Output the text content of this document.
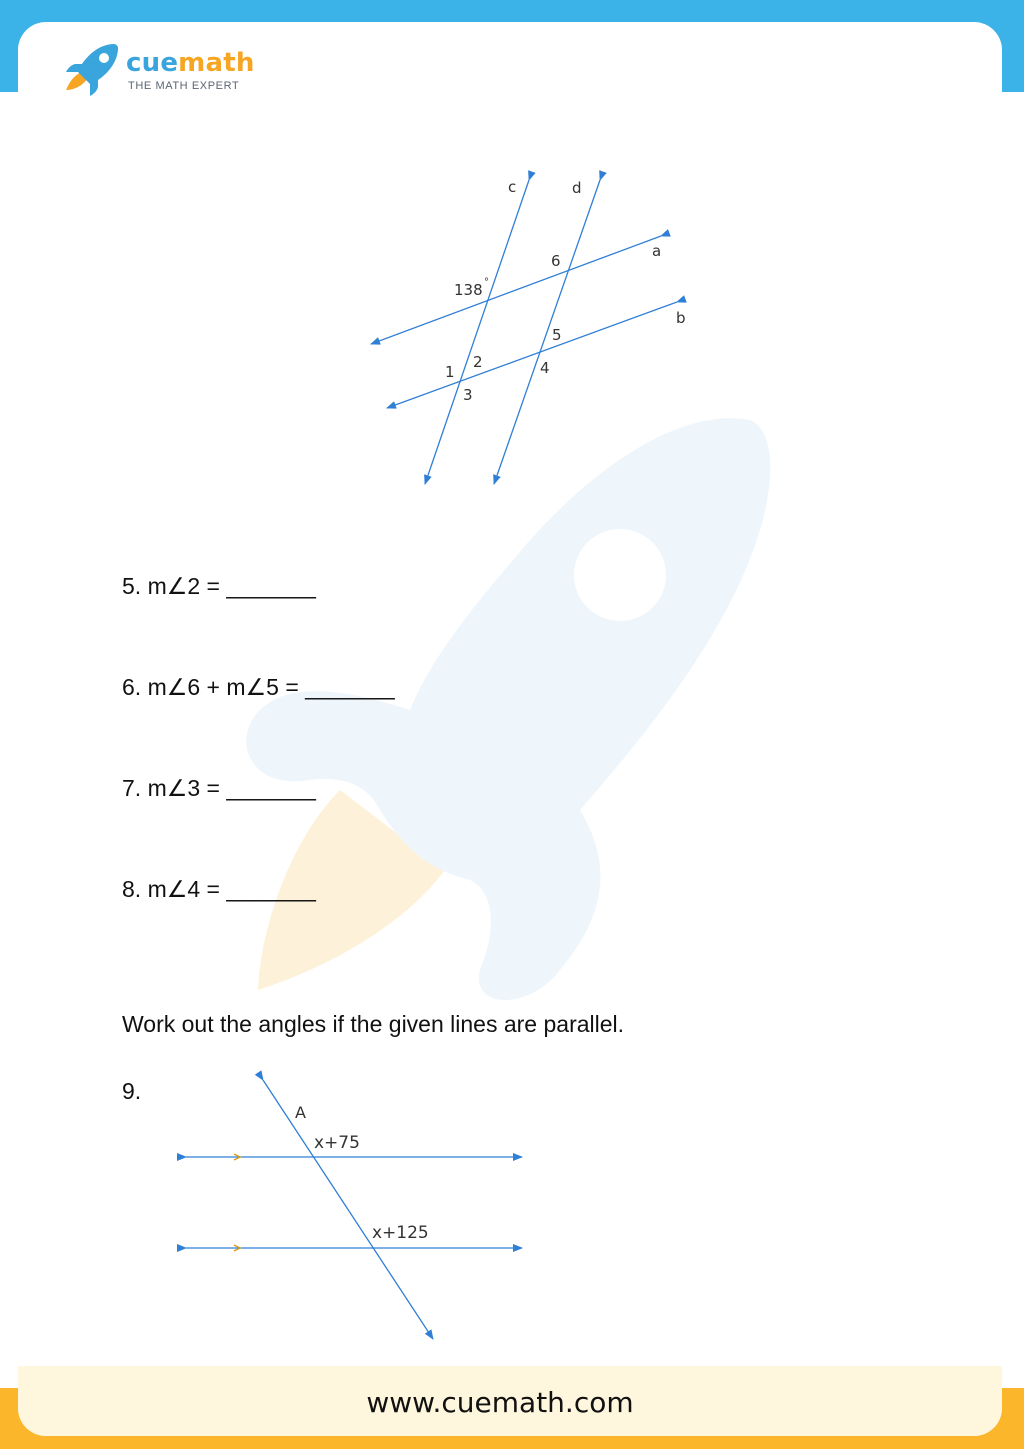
cuemath
THE MATH EXPERT
c	d
a
b
138 °
6
5
4
2
1
3
5. m∠2 = _______
6. m∠6 + m∠5 = _______
7. m∠3 = _______
8. m∠4 = _______
Work out the angles if the given lines are parallel.
9.
A
x+75
x+125
www.cuemath.com
